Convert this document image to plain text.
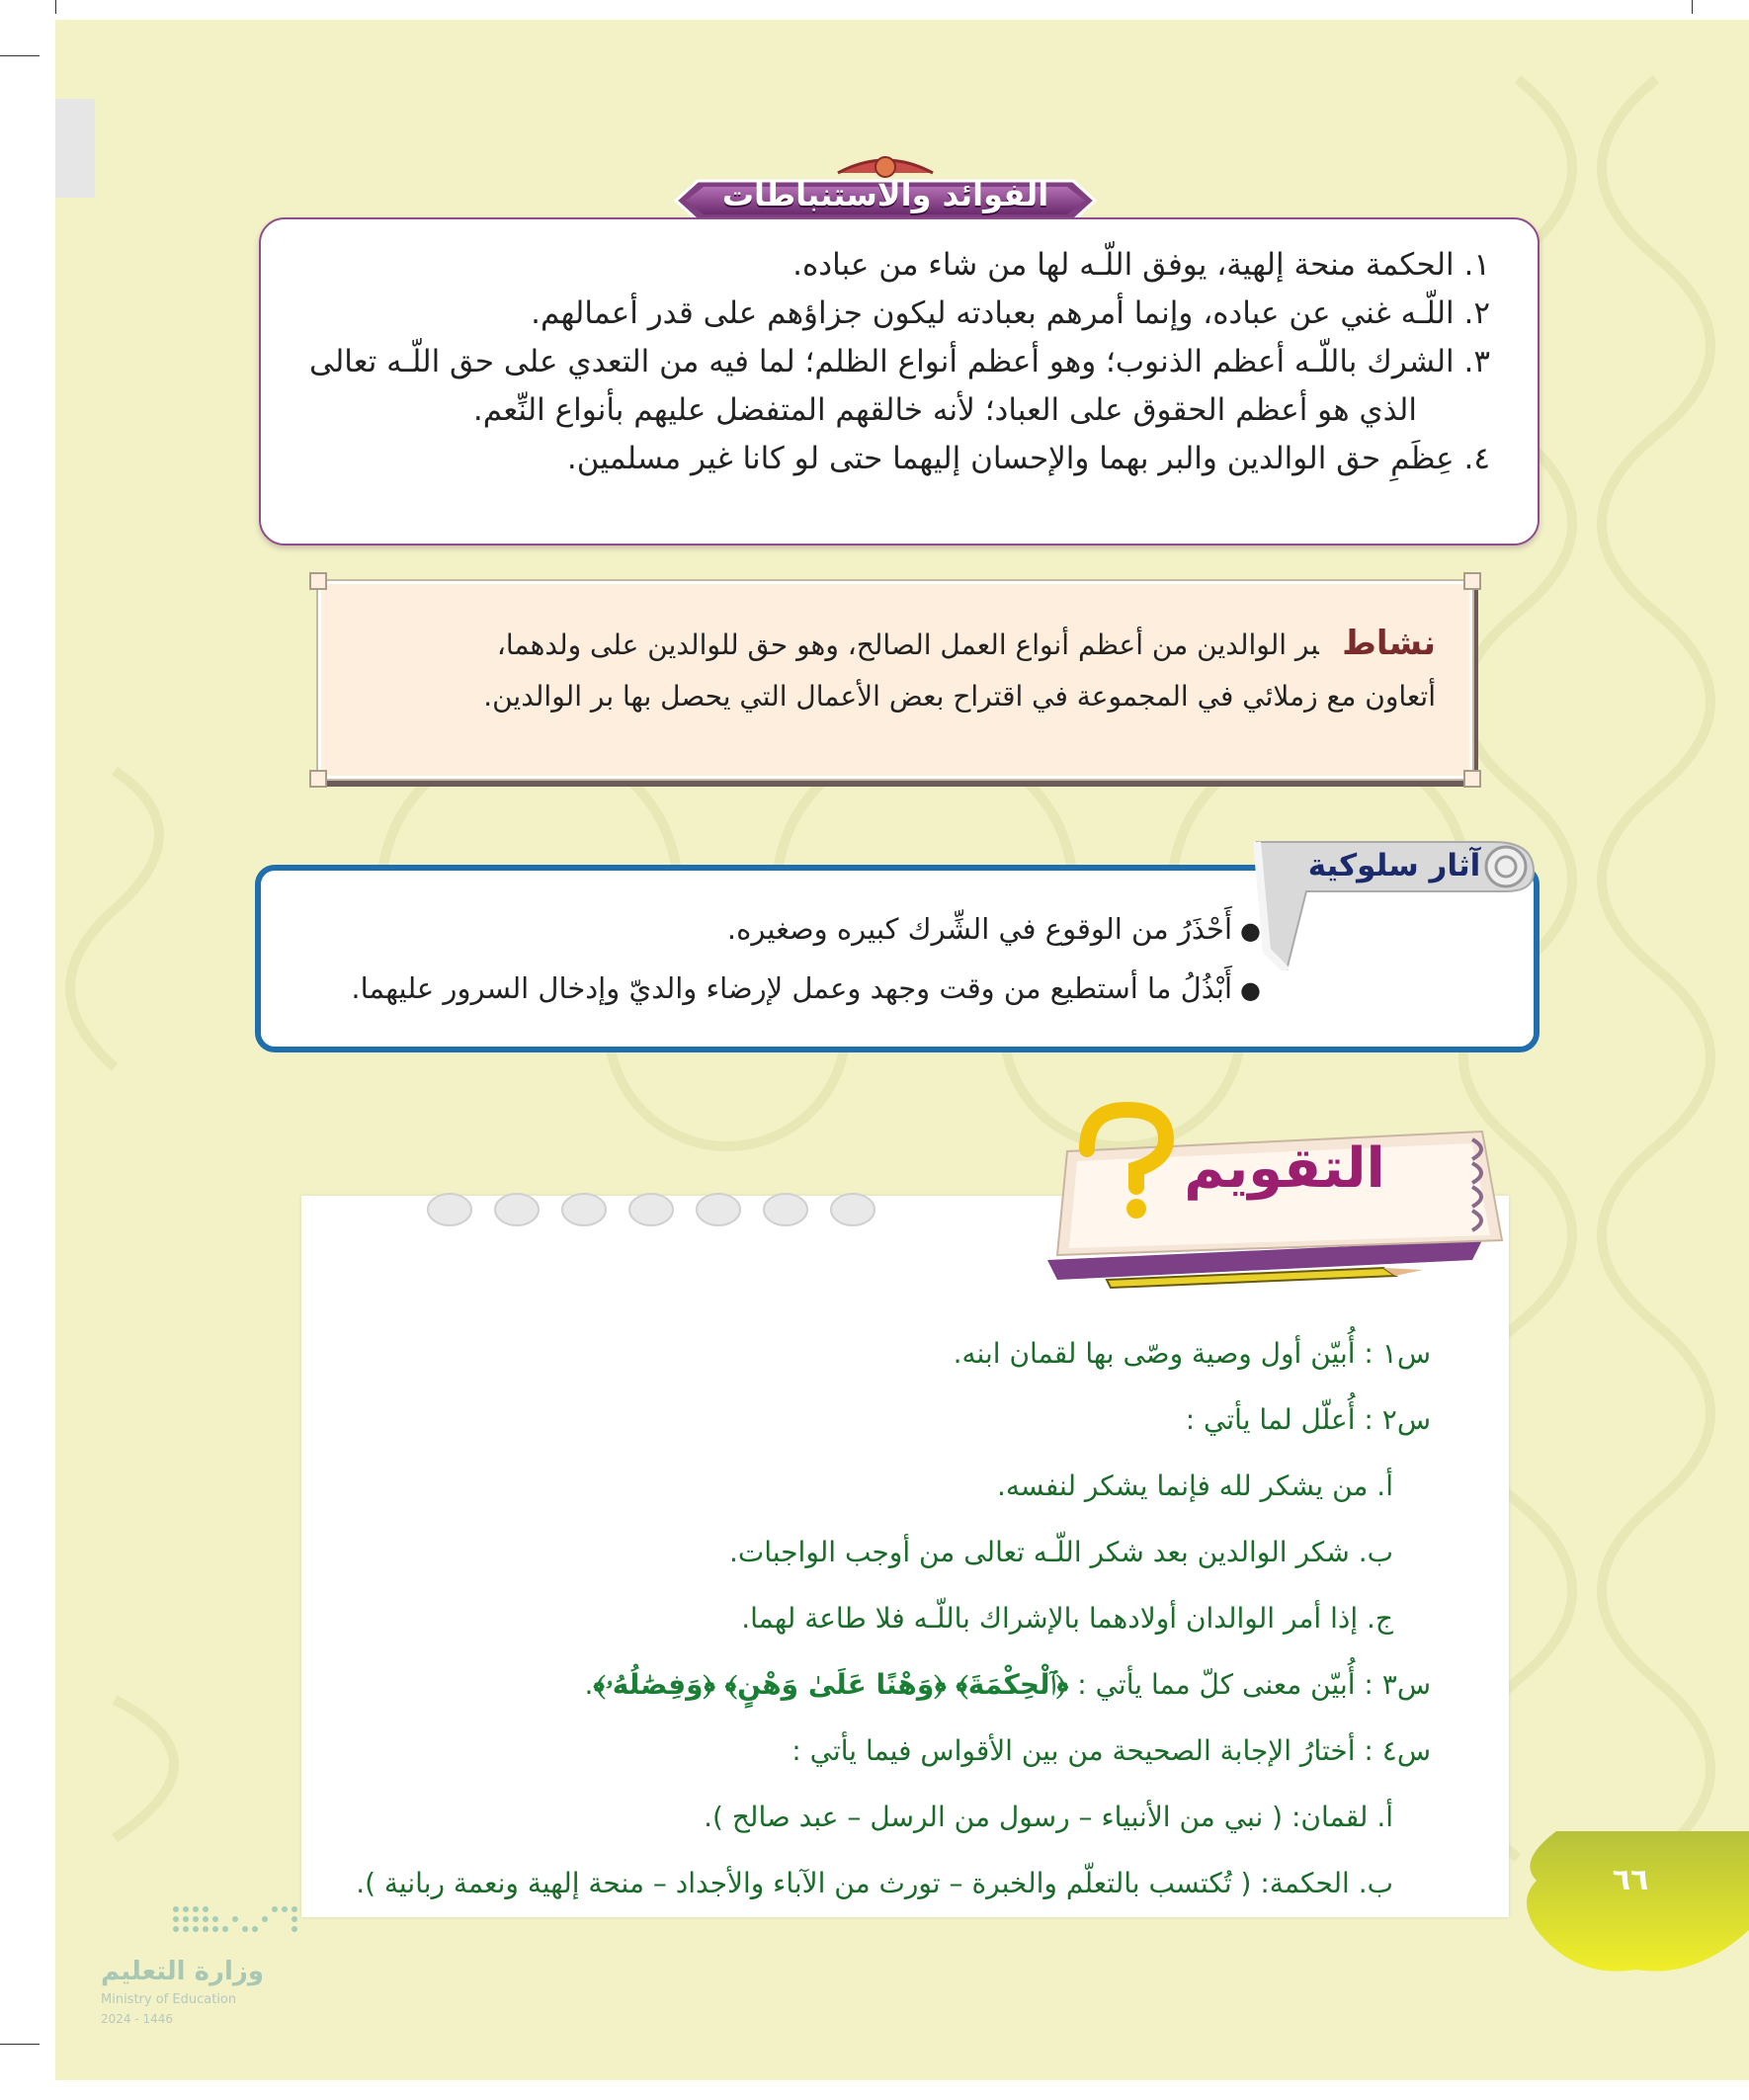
الفوائد والاستنباطات
١. الحكمة منحة إلهية، يوفق اللّـه لها من شاء من عباده.
٢. اللّـه غني عن عباده، وإنما أمرهم بعبادته ليكون جزاؤهم على قدر أعمالهم.
٣. الشرك باللّـه أعظم الذنوب؛ وهو أعظم أنواع الظلم؛ لما فيه من التعدي على حق اللّـه تعالى
الذي هو أعظم الحقوق على العباد؛ لأنه خالقهم المتفضل عليهم بأنواع النِّعم.
٤. عِظَمِ حق الوالدين والبر بهما والإحسان إليهما حتى لو كانا غير مسلمين.
نشاطبر الوالدين من أعظم أنواع العمل الصالح، وهو حق للوالدين على ولدهما،
أتعاون مع زملائي في المجموعة في اقتراح بعض الأعمال التي يحصل بها بر الوالدين.
●أَحْذَرُ من الوقوع في الشِّرك كبيره وصغيره.
●أَبْذُلُ ما أستطيع من وقت وجهد وعمل لإرضاء والديّ وإدخال السرور عليهما.
آثار سلوكية
التقويم
س١ : أُبيّن أول وصية وصّى بها لقمان ابنه.
س٢ : أُعلّل لما يأتي :
أ. من يشكر لله فإنما يشكر لنفسه.
ب. شكر الوالدين بعد شكر اللّـه تعالى من أوجب الواجبات.
ج. إذا أمر الوالدان أولادهما بالإشراك باللّـه فلا طاعة لهما.
س٣ : أُبيّن معنى كلّ مما يأتي : ﴿ٱلْحِكْمَةَ﴾ ﴿وَهْنًا عَلَىٰ وَهْنٍ﴾ ﴿وَفِصَٰلُهُۥ﴾.
س٤ : أختارُ الإجابة الصحيحة من بين الأقواس فيما يأتي :
أ. لقمان: ( نبي من الأنبياء – رسول من الرسل – عبد صالح ).
ب. الحكمة: ( تُكتسب بالتعلّم والخبرة – تورث من الآباء والأجداد – منحة إلهية ونعمة ربانية ).	٦٦
وزارة التعليم
Ministry of Education
2024 - 1446
